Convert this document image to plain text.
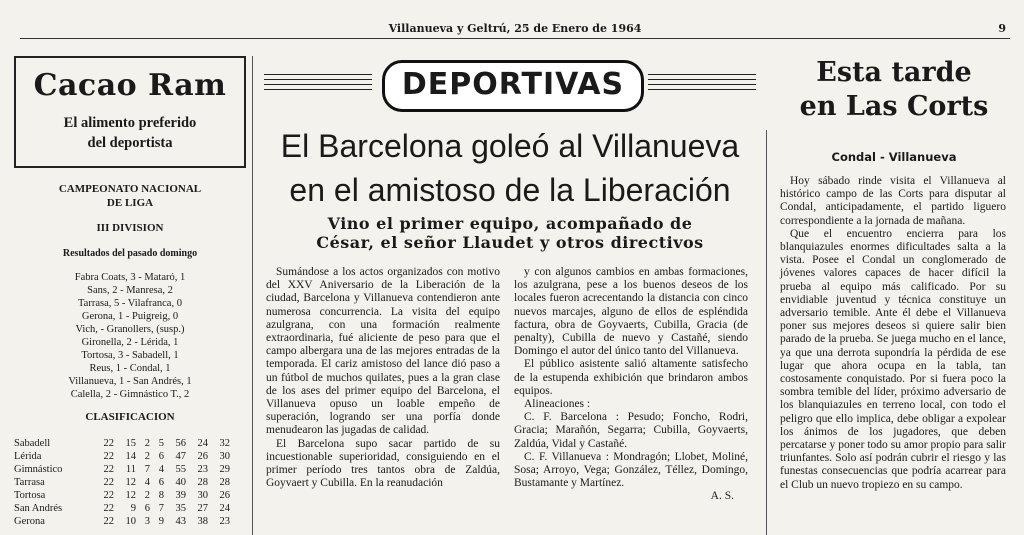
Villanueva y Geltrú, 25 de Enero de 1964	9
Cacao Ram
El alimento preferido
del deportista
CAMPEONATO NACIONAL
DE LIGA
III DIVISION
Resultados del pasado domingo
Fabra Coats, 3 - Mataró, 1
Sans, 2 - Manresa, 2
Tarrasa, 5 - Vilafranca, 0
Gerona, 1 - Puigreig, 0
Vich, - Granollers, (susp.)
Gironella, 2 - Lérida, 1
Tortosa, 3 - Sabadell, 1
Reus, 1 - Condal, 1
Villanueva, 1 - San Andrés, 1
Calella, 2 - Gimnástico T., 2
CLASIFICACION
Sabadell	22	15	2	5	56	24	32
Lérida	22	14	2	6	47	26	30
Gimnástico	22	11	7	4	55	23	29
Tarrasa	22	12	4	6	40	28	28
Tortosa	22	12	2	8	39	30	26
San Andrés	22	9	6	7	35	27	24
Gerona	22	10	3	9	43	38	23
DEPORTIVAS
El Barcelona goleó al Villanueva
en el amistoso de la Liberación
Vino el primer equipo, acompañado de
César, el señor Llaudet y otros directivos

Sumándose a los actos organizados con motivo del XXV Aniversario de la Liberación de la ciudad, Barcelona y Villanueva contendieron ante numerosa concurrencia. La visita del equipo azulgrana, con una formación realmente extraordinaria, fué aliciente de peso para que el campo albergara una de las mejores entradas de la temporada. El cariz amistoso del lance dió paso a un fútbol de muchos quilates, pues a la gran clase de los ases del primer equipo del Barcelona, el Villanueva opuso un loable empeño de superación, logrando ser una porfía donde menudearon las jugadas de calidad.

El Barcelona supo sacar partido de su incuestionable superioridad, consiguiendo en el primer período tres tantos obra de Zaldúa, Goyvaert y Cubilla. En la reanudación

y con algunos cambios en ambas formaciones, los azulgrana, pese a los buenos deseos de los locales fueron acrecentando la distancia con cinco nuevos marcajes, alguno de ellos de espléndida factura, obra de Goyvaerts, Cubilla, Gracia (de penalty), Cubilla de nuevo y Castañé, siendo Domingo el autor del único tanto del Villanueva.

El público asistente salió altamente satisfecho de la estupenda exhibición que brindaron ambos equipos.

Alineaciones :

C. F. Barcelona : Pesudo; Foncho, Rodri, Gracia; Marañón, Segarra; Cubilla, Goyvaerts, Zaldúa, Vidal y Castañé.

C. F. Villanueva : Mondragón; Llobet, Moliné, Sosa; Arroyo, Vega; González, Téllez, Domingo, Bustamante y Martínez.

A. S.
Esta tarde
en Las Corts
Condal - Villanueva

Hoy sábado rinde visita el Villanueva al histórico campo de las Corts para disputar al Condal, anticipadamente, el partido liguero correspondiente a la jornada de mañana.

Que el encuentro encierra para los blanquiazules enormes dificultades salta a la vista. Posee el Condal un conglomerado de jóvenes valores capaces de hacer difícil la prueba al equipo más calificado. Por su envidiable juventud y técnica constituye un adversario temible. Ante él debe el Villanueva poner sus mejores deseos si quiere salir bien parado de la prueba. Se juega mucho en el lance, ya que una derrota supondría la pérdida de ese lugar que ahora ocupa en la tabla, tan costosamente conquistado. Por si fuera poco la sombra temible del líder, próximo adversario de los blanquiazules en terreno local, con todo el peligro que ello implica, debe obligar a expolear los ánimos de los jugadores, que deben percatarse y poner todo su amor propio para salir triunfantes. Solo así podrán cubrir el riesgo y las funestas consecuencias que podría acarrear para el Club un nuevo tropiezo en su campo.
